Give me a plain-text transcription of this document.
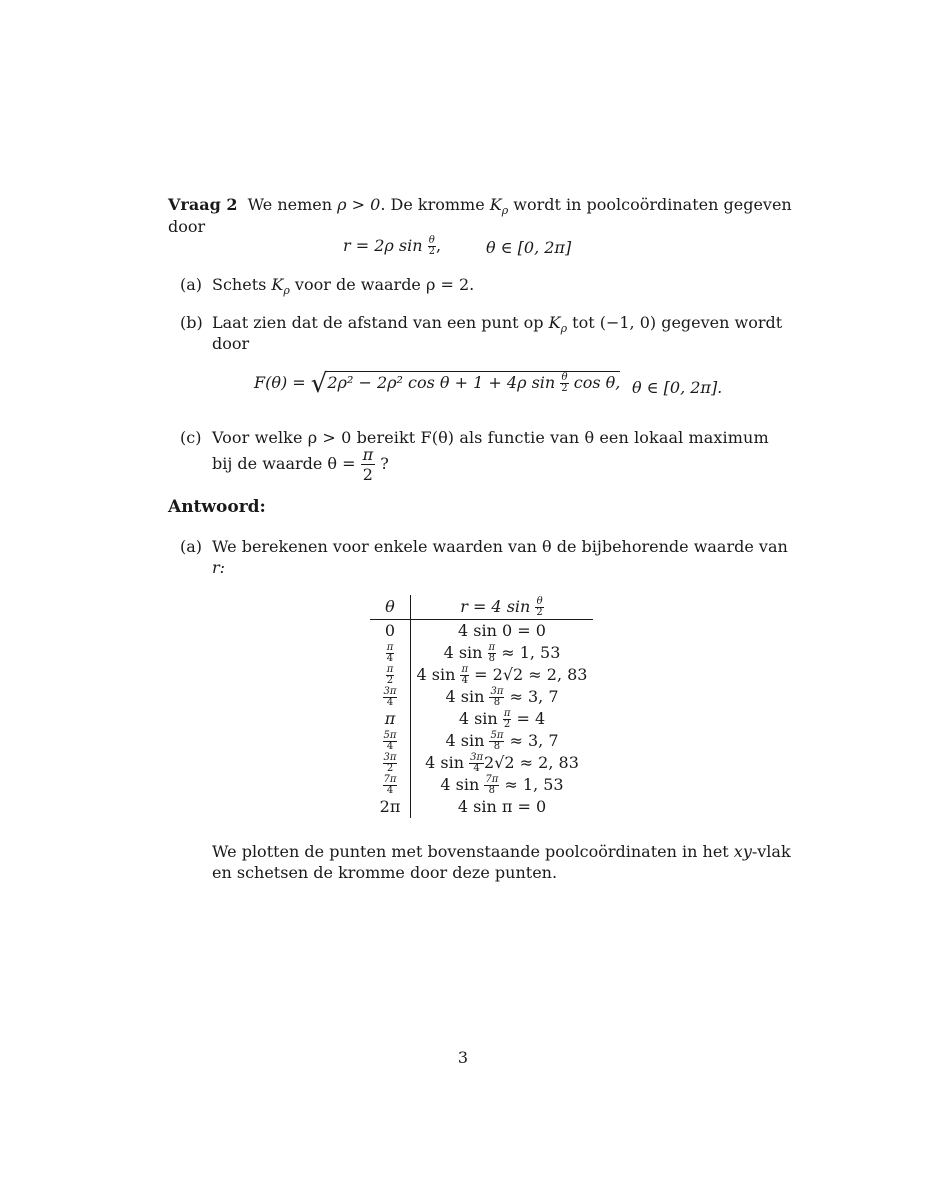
Vraag 2 We nemen ρ > 0. De kromme $K_\rho$ wordt in poolcoördinaten gegeven
door
r = 2ρ $\sin \frac{\theta}{2}$ ,	θ ∈ [0, 2π]
(a) Schets $K_\rho$ voor de waarde ρ = 2.
(b) Laat zien dat de afstand van een punt op $K_\rho$ tot (−1, 0) gegeven wordt
door
F(θ) = √2ρ² − 2ρ² cos θ + 1 + 4ρ $\sin \frac{\theta}{2}$ cos θ, θ ∈ [0, 2π].
(c) Voor welke ρ > 0 bereikt F(θ) als functie van θ een lokaal maximum
bij de waarde $\theta = \frac{\pi}{2}$ ?
Antwoord:
(a) We berekenen voor enkele waarden van θ de bijbehorende waarde van
r:
θ	r = 4 $\sin \frac{\theta}{2}$

0	4 sin 0 = 0

$\frac{\pi}{4}$	4 $\sin \frac{\pi}{8} \approx 1$, 53

$\frac{\pi}{2}$	4 $\sin \frac{\pi}{4} = 2√2 \approx 2$, 83

$\frac{3\pi}{4}$	4 $\sin \frac{3\pi}{8} \approx 3$, 7
π	4 $\sin \frac{\pi}{2} = 4$

$\frac{5\pi}{4}$	4 $\sin \frac{5\pi}{8} \approx 3$, 7

$\frac{3\pi}{2}$	4 $\sin \frac{3\pi}{4} 2√2 \approx 2$, 83

$\frac{7\pi}{4}$	4 $\sin \frac{7\pi}{8} \approx 1$, 53
2π	4 sin π = 0
We plotten de punten met bovenstaande poolcoördinaten in het xy-vlak
en schetsen de kromme door deze punten.
3
